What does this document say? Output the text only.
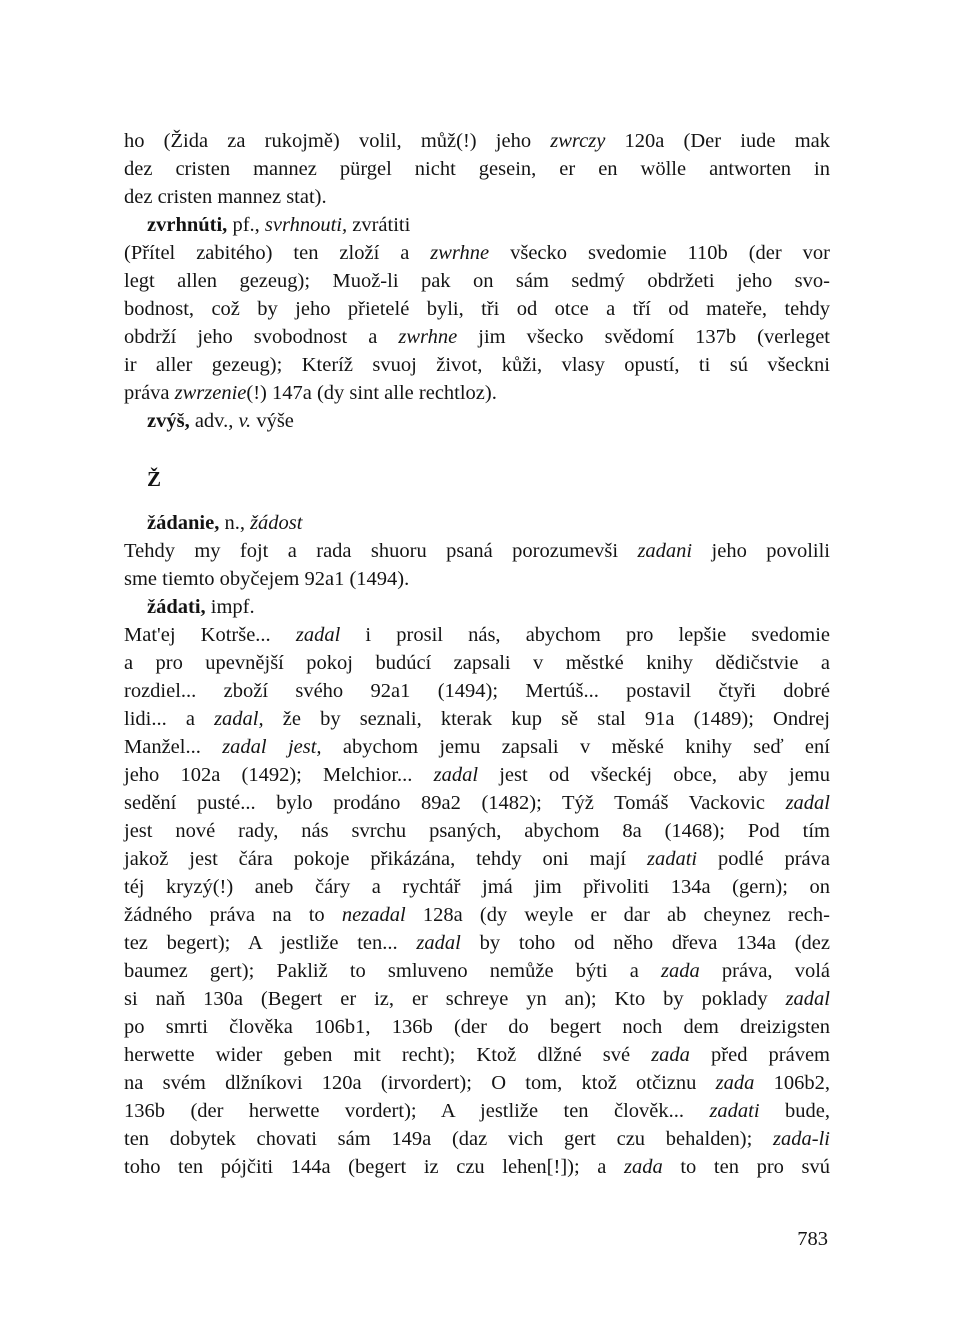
ho (Žida za rukojmě) volil, můž(!) jeho zwrczy 120a (Der iude mak
dez cristen mannez pürgel nicht gesein, er en wölle antworten in
dez cristen mannez stat).
zvrhnúti, pf., svrhnouti, zvrátiti
(Přítel zabitého) ten zloží a zwrhne všecko svedomie 110b (der vor
legt allen gezeug); Muož-li pak on sám sedmý obdržeti jeho svo-
bodnost, což by jeho přietelé byli, tři od otce a tří od mateře, tehdy
obdrží jeho svobodnost a zwrhne jim všecko svědomí 137b (verleget
ir aller gezeug); Kteríž svuoj život, kůži, vlasy opustí, ti sú všeckni
práva zwrzenie(!) 147a (dy sint alle rechtloz).
zvýš, adv., v. výše
Ž
žádanie, n., žádost
Tehdy my fojt a rada shuoru psaná porozumevši zadani jeho povolili
sme tiemto obyčejem 92a1 (1494).
žádati, impf.
Mat'ej Kotrše... zadal i prosil nás, abychom pro lepšie svedomie
a pro upevnější pokoj budúcí zapsali v městké knihy dědičstvie a
rozdiel... zboží svého 92a1 (1494); Mertúš... postavil čtyři dobré
lidi... a zadal, že by seznali, kterak kup sě stal 91a (1489); Ondrej
Manžel... zadal jest, abychom jemu zapsali v měské knihy seď ení
jeho 102a (1492); Melchior... zadal jest od všeckéj obce, aby jemu
sedění pusté... bylo prodáno 89a2 (1482); Týž Tomáš Vackovic zadal
jest nové rady, nás svrchu psaných, abychom 8a (1468); Pod tím
jakož jest čára pokoje přikázána, tehdy oni mají zadati podlé práva
téj kryzý(!) aneb čáry a rychtář jmá jim přivoliti 134a (gern); on
žádného práva na to nezadal 128a (dy weyle er dar ab cheynez rech-
tez begert); A jestliže ten... zadal by toho od něho dřeva 134a (dez
baumez gert); Pakliž to smluveno nemůže býti a zada práva, volá
si naň 130a (Begert er iz, er schreye yn an); Kto by poklady zadal
po smrti člověka 106b1, 136b (der do begert noch dem dreizigsten
herwette wider geben mit recht); Ktož dlžné své zada před právem
na svém dlžníkovi 120a (irvordert); O tom, ktož otčiznu zada 106b2,
136b (der herwette vordert); A jestliže ten člověk... zadati bude,
ten dobytek chovati sám 149a (daz vich gert czu behalden); zada-li
toho ten pójčiti 144a (begert iz czu lehen[!]); a zada to ten pro svú
783
